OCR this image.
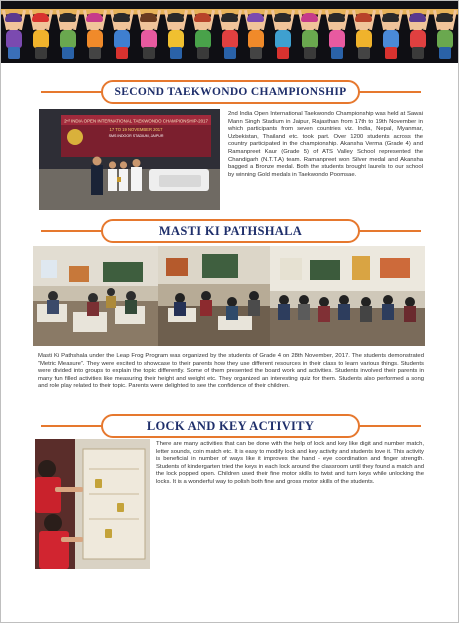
SECOND TAEKWONDO CHAMPIONSHIP
2ⁿᵈ INDIA OPEN INTERNATIONAL TAEKWONDO CHAMPIONSHIP-2017
17 TO 19 NOVEMBER 2017
SMS INDOOR STADIUM, JAIPUR
2nd India Open International Taekwondo Championship was held at Sawai Mann Singh Stadium in Jaipur, Rajasthan from 17th to 19th November in which participants from seven countries viz. India, Nepal, Myanmar, Uzbekistan, Thailand etc. took part. Over 1200 students across the country participated in the championship. Akansha Verma (Grade 4) and Ramanpreet Kaur (Grade 5) of ATS Valley School represented the Chandigarh (N.T.T.A) team. Ramanpreet won Silver medal and Akansha bagged a Bronze medal. Both the students brought laurels to our school by winning Gold medals in Taekwondo Poomsae.
MASTI KI PATHSHALA
Masti Ki Pathshala under the Leap Frog Program was organized by the students of Grade 4 on 28th November, 2017. The students demonstrated “Metric Measure”. They were excited to showcase to their parents how they use different resources in their class to learn various things. Students were divided into groups to explain the topic differently. Some of them presented the board work and activities. Students involved their parents in many fun filled activities like measuring their height and weight etc. They organized an interesting quiz for them. Students also performed a song and role play related to their topic. Parents were delighted to see the confidence of their children.
LOCK AND KEY ACTIVITY
There are many activities that can be done with the help of lock and key like digit and number match, letter sounds, coin match etc. It is easy to modify lock and key activity and students love it. This activity is beneficial in number of ways like it improves the hand - eye coordination and finger strength. Students of kindergarten tried the keys in each lock around the classroom until they found a match and the lock popped open. Children used their fine motor skills to twist and turn keys while unlocking the locks. It is a wonderful way to polish both fine and gross motor skills of the students.
